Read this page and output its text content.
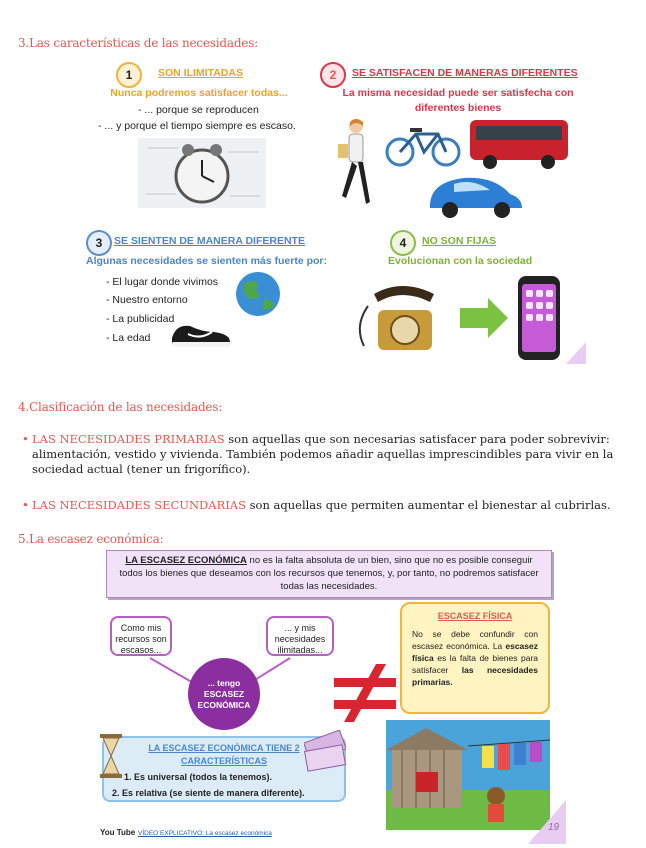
3.Las características de las necesidades:
1	SON ILIMITADAS
Nunca podremos satisfacer todas...
- ... porque se reproducen
- ... y porque el tiempo siempre es escaso.
2	SE SATISFACEN DE MANERAS DIFERENTES
La misma necesidad puede ser satisfecha con
diferentes bienes
3	SE SIENTEN DE MANERA DIFERENTE
Algunas necesidades se sienten más fuerte por:
- El lugar donde vivimos
- Nuestro entorno
- La publicidad
- La edad
4	NO SON FIJAS
Evolucionan con la sociedad
4.Clasificación de las necesidades:
• LAS NECESIDADES PRIMARIAS son aquellas que son necesarias satisfacer para poder sobrevivir: alimentación, vestido y vivienda. También podemos añadir aquellas imprescindibles para vivir en la sociedad actual (tener un frigorífico).
• LAS NECESIDADES SECUNDARIAS son aquellas que permiten aumentar el bienestar al cubrirlas.
5.La escasez económica:
LA ESCASEZ ECONÓMICA no es la falta absoluta de un bien, sino que no es posible conseguir todos los bienes que deseamos con los recursos que tenemos, y, por tanto, no podremos satisfacer todas las necesidades.
Como mis recursos son escasos...
... y mis necesidades ilimitadas...
... tengo ESCASEZ ECONÓMICA
ESCASEZ FÍSICA
No se debe confundir con escasez económica. La escasez física es la falta de bienes para satisfacer las necesidades primarias.
LA ESCASEZ ECONÓMICA TIENE 2 CARACTERÍSTICAS
1. Es universal (todos la tenemos).
2. Es relativa (se siente de manera diferente).
You Tube VÍDEO EXPLICATIVO: La escasez económica
19
